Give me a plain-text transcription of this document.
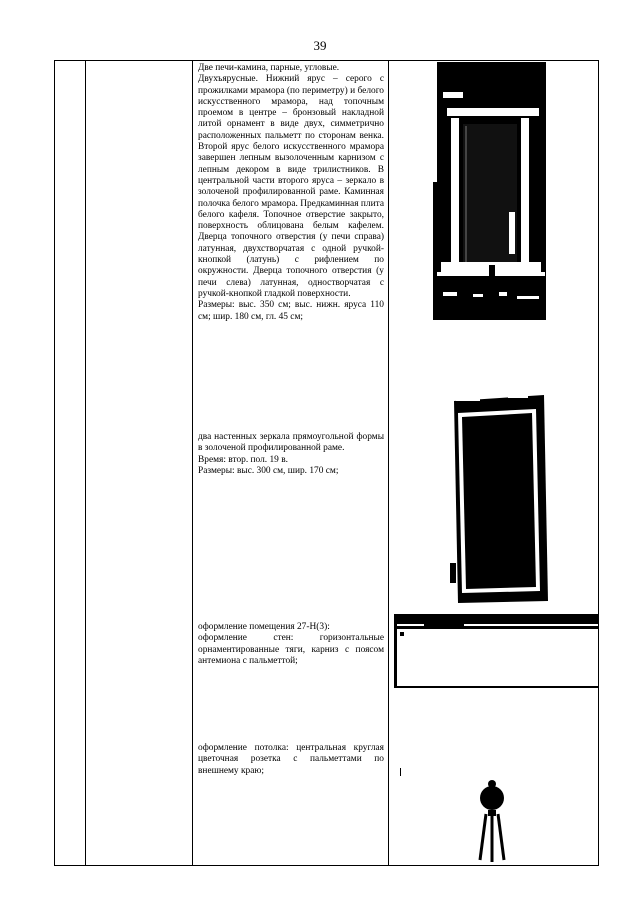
39

Две печи-камина, парные, угловые.

Двухъярусные. Нижний ярус – серого с прожилками мрамора (по периметру) и белого искусственного мрамора, над топочным проемом в центре – бронзовый накладной литой орнамент в виде двух, симметрично расположенных пальметт по сторонам венка. Второй ярус белого искусственного мрамора завершен лепным вызолоченным карнизом с лепным декором в виде трилистников. В центральной части второго яруса – зеркало в золоченой профилированной раме. Каминная полочка белого мрамора. Предкаминная плита белого кафеля. Топочное отверстие закрыто, поверхность облицована белым кафелем. Дверца топочного отверстия (у печи справа) латунная, двухстворчатая с одной ручкой-кнопкой (латунь) с рифлением по окружности. Дверца топочного отверстия (у печи слева) латунная, одностворчатая с ручкой-кнопкой гладкой поверхности.

Размеры: выс. 350 см; выс. нижн. яруса 110 см; шир. 180 см, гл. 45 см;

два настенных зеркала прямоугольной формы в золоченой профилированной раме.

Время: втор. пол. 19 в.

Размеры: выс. 300 см, шир. 170 см;

оформление помещения 27-Н(3):

оформление стен: горизонтальные орнаментированные тяги, карниз с поясом антемиона с пальметтой;

оформление потолка: центральная круглая цветочная розетка с пальметтами по внешнему краю;
